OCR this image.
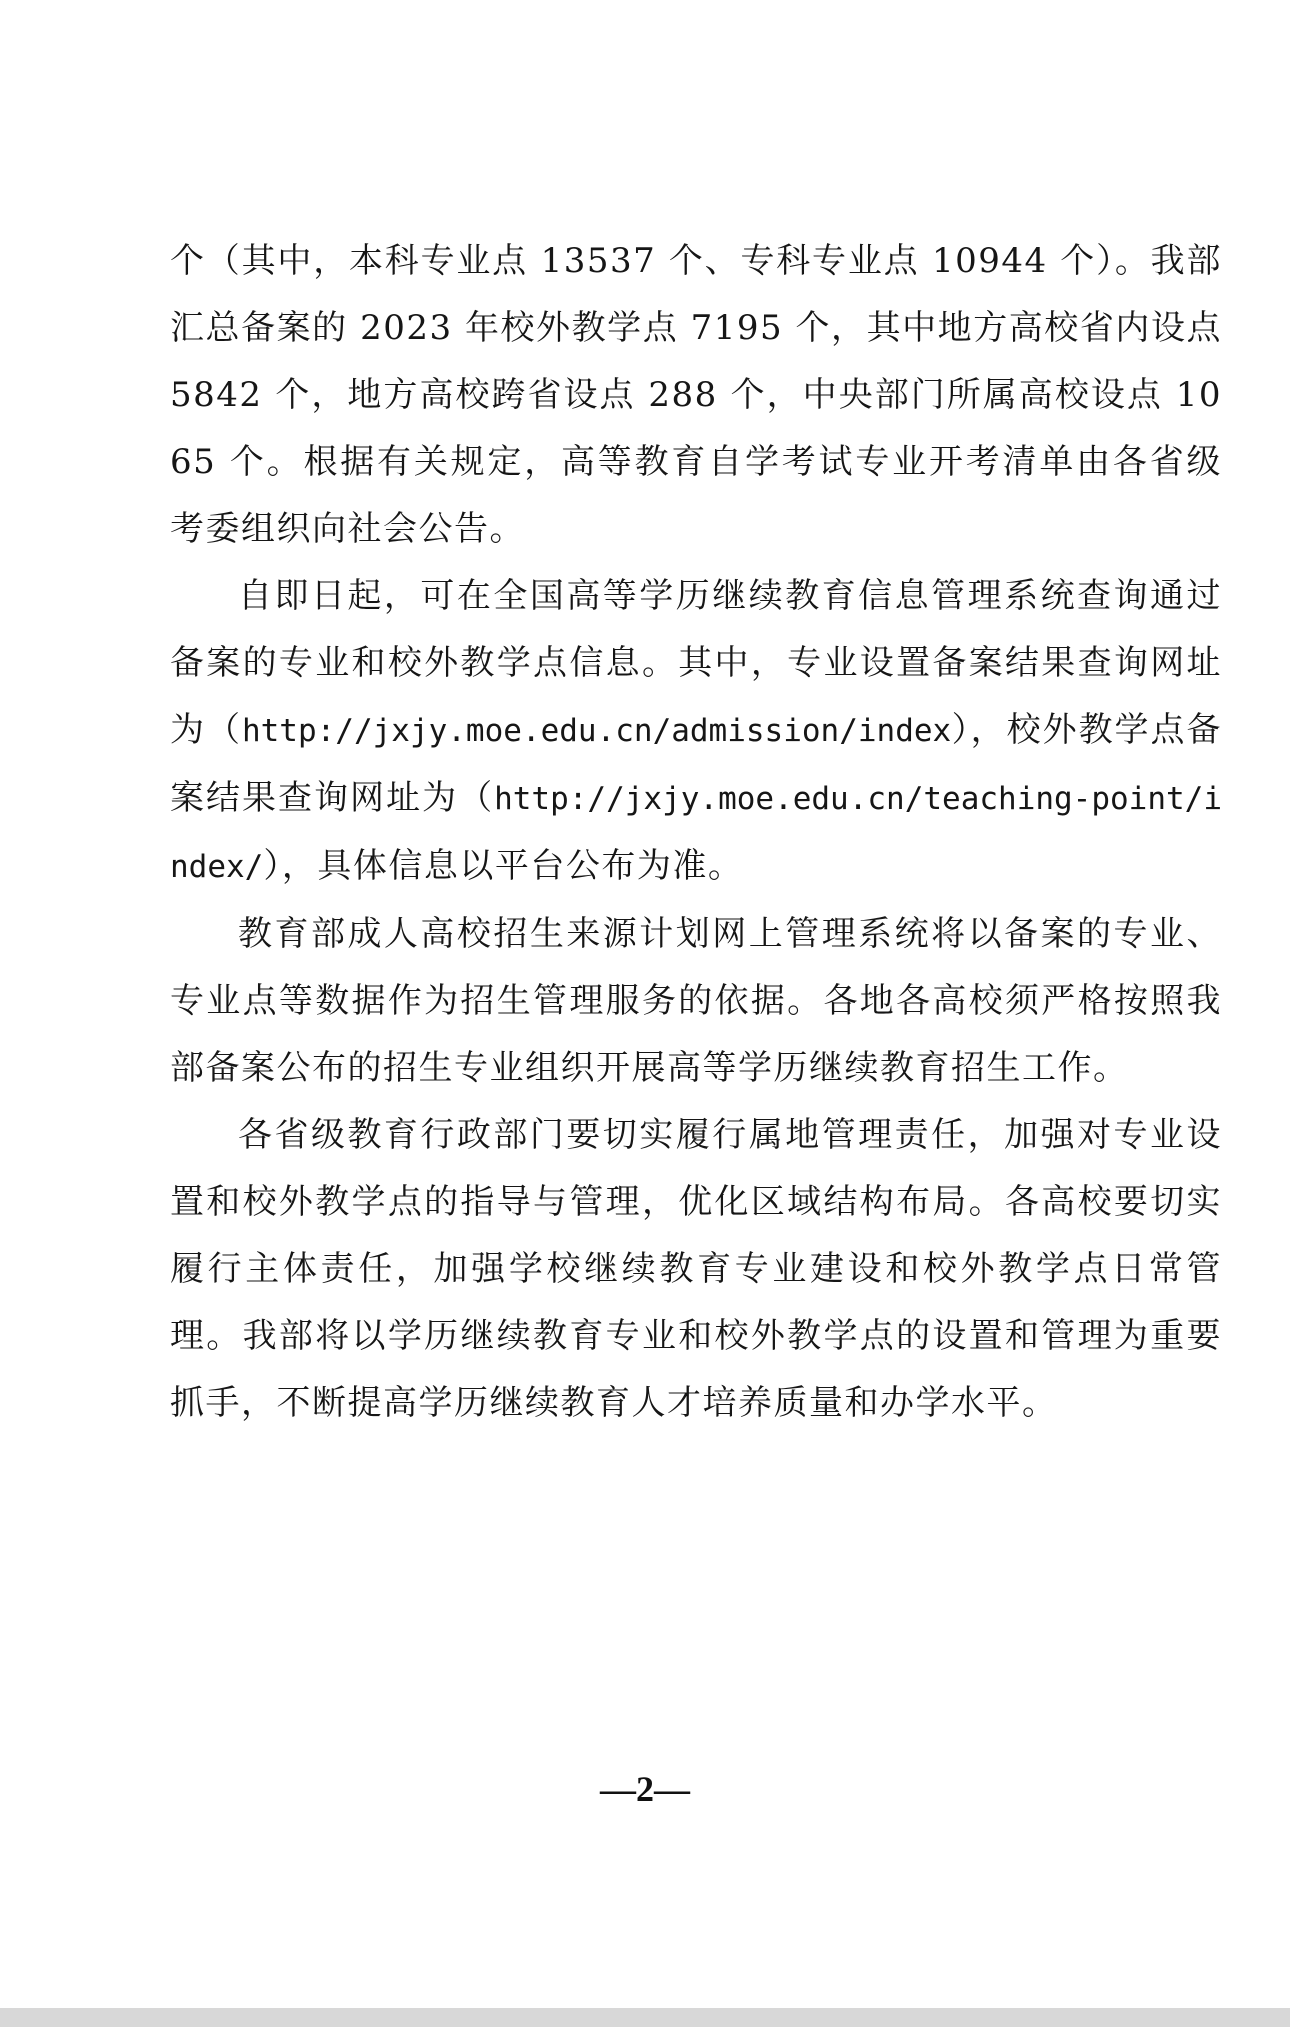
个（其中，本科专业点 13537 个、专科专业点 10944 个）。我部汇总备案的 2023 年校外教学点 7195 个，其中地方高校省内设点 5842 个，地方高校跨省设点 288 个，中央部门所属高校设点 1065 个。根据有关规定，高等教育自学考试专业开考清单由各省级考委组织向社会公告。

自即日起，可在全国高等学历继续教育信息管理系统查询通过备案的专业和校外教学点信息。其中，专业设置备案结果查询网址为（http://jxjy.moe.edu.cn/admission/index），校外教学点备案结果查询网址为（http://jxjy.moe.edu.cn/teaching-point/index/），具体信息以平台公布为准。

教育部成人高校招生来源计划网上管理系统将以备案的专业、专业点等数据作为招生管理服务的依据。各地各高校须严格按照我部备案公布的招生专业组织开展高等学历继续教育招生工作。

各省级教育行政部门要切实履行属地管理责任，加强对专业设置和校外教学点的指导与管理，优化区域结构布局。各高校要切实履行主体责任，加强学校继续教育专业建设和校外教学点日常管理。我部将以学历继续教育专业和校外教学点的设置和管理为重要抓手，不断提高学历继续教育人才培养质量和办学水平。

—2—
